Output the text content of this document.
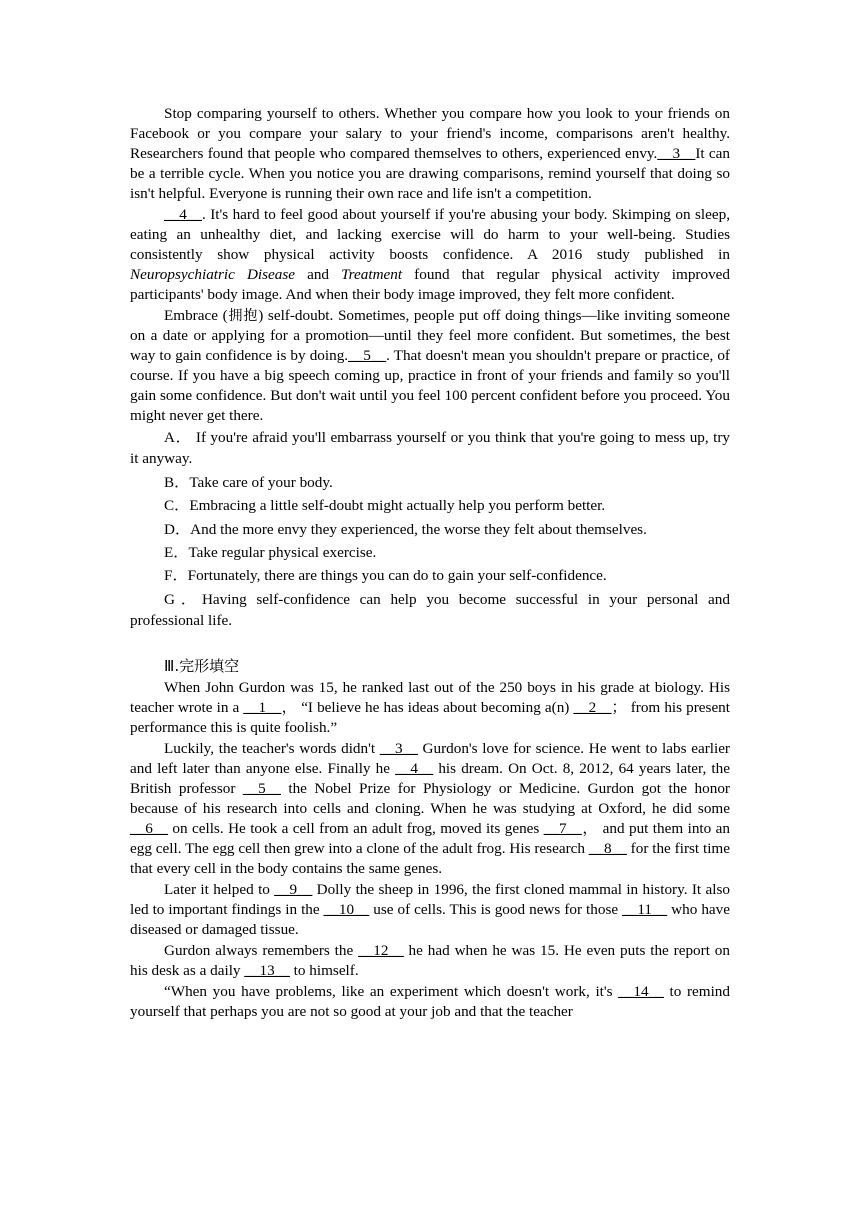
Stop comparing yourself to others. Whether you compare how you look to your friends on Facebook or you compare your salary to your friend's income, comparisons aren't healthy. Researchers found that people who compared themselves to others, experienced envy.__3__It can be a terrible cycle. When you notice you are drawing comparisons, remind yourself that doing so isn't helpful. Everyone is running their own race and life isn't a competition.

__4__. It's hard to feel good about yourself if you're abusing your body. Skimping on sleep, eating an unhealthy diet, and lacking exercise will do harm to your well-being. Studies consistently show physical activity boosts confidence. A 2016 study published in Neuropsychiatric Disease and Treatment found that regular physical activity improved participants' body image. And when their body image improved, they felt more confident.

Embrace (拥抱) self-doubt. Sometimes, people put off doing things—like inviting someone on a date or applying for a promotion—until they feel more confident. But sometimes, the best way to gain confidence is by doing.__5__. That doesn't mean you shouldn't prepare or practice, of course. If you have a big speech coming up, practice in front of your friends and family so you'll gain some confidence. But don't wait until you feel 100 percent confident before you proceed. You might never get there.

A． If you're afraid you'll embarrass yourself or you think that you're going to mess up, try it anyway.

B．Take care of your body.

C．Embracing a little self-doubt might actually help you perform better.

D．And the more envy they experienced, the worse they felt about themselves.

E．Take regular physical exercise.

F．Fortunately, there are things you can do to gain your self-confidence.

G．Having self-confidence can help you become successful in your personal and professional life.

Ⅲ.完形填空

When John Gurdon was 15, he ranked last out of the 250 boys in his grade at biology. His teacher wrote in a __1__， “I believe he has ideas about becoming a(n) __2__； from his present performance this is quite foolish.”

Luckily, the teacher's words didn't __3__ Gurdon's love for science. He went to labs earlier and left later than anyone else. Finally he __4__ his dream. On Oct. 8, 2012, 64 years later, the British professor __5__ the Nobel Prize for Physiology or Medicine. Gurdon got the honor because of his research into cells and cloning. When he was studying at Oxford, he did some __6__ on cells. He took a cell from an adult frog, moved its genes __7__， and put them into an egg cell. The egg cell then grew into a clone of the adult frog. His research __8__ for the first time that every cell in the body contains the same genes.

Later it helped to __9__ Dolly the sheep in 1996, the first cloned mammal in history. It also led to important findings in the __10__ use of cells. This is good news for those __11__ who have diseased or damaged tissue.

Gurdon always remembers the __12__ he had when he was 15. He even puts the report on his desk as a daily __13__ to himself.

“When you have problems, like an experiment which doesn't work, it's __14__ to remind yourself that perhaps you are not so good at your job and that the teacher
